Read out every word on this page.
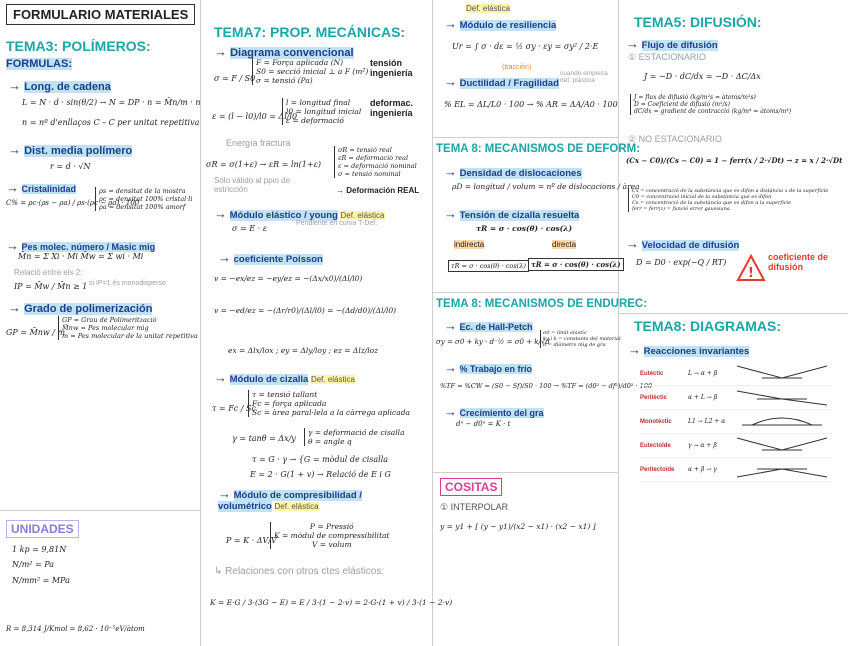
FORMULARIO MATERIALES
TEMA3: POLÍMEROS:
FORMULAS:
→ Long. de cadena
L = N · d · sin(θ/2) → N = DP · n = M̄n/m · n
n = nº d'enllaços C – C per unitat repetitiva
→ Dist. media polímero
r = d · √N
→ Cristalinidad
C% = ρc·(ρs − ρa) / ρs·(ρc − ρa) · 100
ρs = densitat de la mostra
ρc = densitat 100% cristal·li
ρa = densitat 100% amorf
→ Pes molec. número / Masic mig
M̄n = Σ Xi · Mi M̄w = Σ wi · Mi
Relació entre els 2:
IP = M̄w / M̄n ≥ 1
→ si IP=1 és monodisperso
→ Grado de polimerización
GP = M̄nw / m
GP = Grau de Polimerització
M̄nw = Pes molecular mig
m = Pes molecular de la unitat repetitiva
UNIDADES
1 kp = 9,81N
N/m² = Pa
N/mm² = MPa
R = 8,314 J/Kmol = 8,62 · 10⁻⁵eV/àtom
TEMA7: PROP. MECÁNICAS:
→ Diagrama convencional
σ = F / S0
F = Força aplicada (N)
S0 = secció inicial ⊥ a F (m²)
σ = tensió (Pa)
tensión ingeniería
ε = (l − l0)/l0 = Δl/l0
l = longitud final
l0 = longitud inicial
ε = deformació
deformac. ingeniería
Energía fractura
σR = σ(1+ε) → εR = ln(1+ε)
σR = tensió real
εR = deformació real
ε = deformació nominal
σ = tensió nominal
→ Deformación REAL
Sólo válido al ppio de estricción
→ Módulo elástico / young Def. elástica
σ = E · ε
Pendiente en curva T-Def.
→ coeficiente Poisson
v = −ex/ez = −ey/ez = −(Δx/x0)/(Δl/l0)
v = −ed/ez = −(Δr/r0)/(Δl/l0) = −(Δd/d0)/(Δl/l0)
ex = Δlx/lox ; ey = Δly/loy ; ez = Δlz/loz
→ Módulo de cizalla Def. elástica
τ = Fc / Sc
τ = tensió tallant
Fc = força aplicada
Sc = àrea paral·lela a la càrrega aplicada
γ = tanθ = Δx/y
γ = deformació de cisalla
θ = angle q
τ = G · γ → {G = mòdul de cisalla
E = 2 · G(1 + v) → Relació de E i G
→ Módulo de compresibilidad / volumétrico Def. elástica
P = K · ΔV/V
P = Pressió
K = mòdul de compressibilitat
V = volum
↳ Relaciones con otros ctes elásticos:
K = E·G / 3·(3G − E) = E / 3·(1 − 2·v) = 2·G·(1 + v) / 3·(1 − 2·v)
Def. elástica
→ Módulo de resiliencia
Ur = ∫ σ · dε = ½ σy · εy = σy² / 2·E
(tracción)
→ Ductilidad / Fragilidad
cuando empieza def. plástica
% EL = ΔL/L0 · 100 → % AR = ΔA/A0 · 100
TEMA 8: MECANISMOS DE DEFORM:
→ Densidad de dislocaciones
ρD = longitud / volum = nº de dislocacions / àrea
→ Tensión de cizalla resuelta
τR = σ · cos(θ) · cos(λ)
indirecta	directa
τR = σ · cos(θ) · cos(λ) τR = σ · cos(θ) · cos(λ)
TEMA 8: MECANISMOS DE ENDUREC:
→ Ec. de Hall-Petch
σy = σ0 + ky · d⁻½ = σ0 + k/√d
σ0 = límit elàstic
ky i k = constants del material
d = diàmetre mig de gra
→ % Trabajo en frío
%TF = %CW = (S0 − Sf)/S0 · 100 → %TF = (d0² − df²)/d0² · 100
→ Crecimiento del gra
dⁿ − d0ⁿ = K · t
COSITAS
① INTERPOLAR
y = y1 + [ (y − y1)/(x2 − x1) · (x2 − x1) ]
TEMA5: DIFUSIÓN:
→ Flujo de difusión
① ESTACIONARIO
J = −D · dC/dx = −D · ΔC/Δx
J = flux de difusió (kg/m²s = àtoms/m²s)
D = Coeficient de difusió (m²/s)
dC/dx = gradient de contracció (kg/m⁴ = àtoms/m⁴)
② NO ESTACIONARIO
(Cx − C0)/(Cs − C0) = 1 − ferr(x / 2·√Dt) → z = x / 2·√Dt
Cx = concentració de la substància que es difon a distància x de la superfície
C0 = concentració inicial de la substància que es difon
Cs = concentració de la substància que es difon a la superfície
ferr = ferr(z) = funció error gaussiana
→ Velocidad de difusión
D = D0 · exp(−Q / RT)
!
coeficiente de difusión
TEMA8: DIAGRAMAS:
→ Reacciones invariantes
Eutéctic	L → α + β
Peritèctic	α + L → β
Monotèctic	L1 → L2 + α
Eutectoïde	γ → α + β
Peritectoïde	α + β → γ
